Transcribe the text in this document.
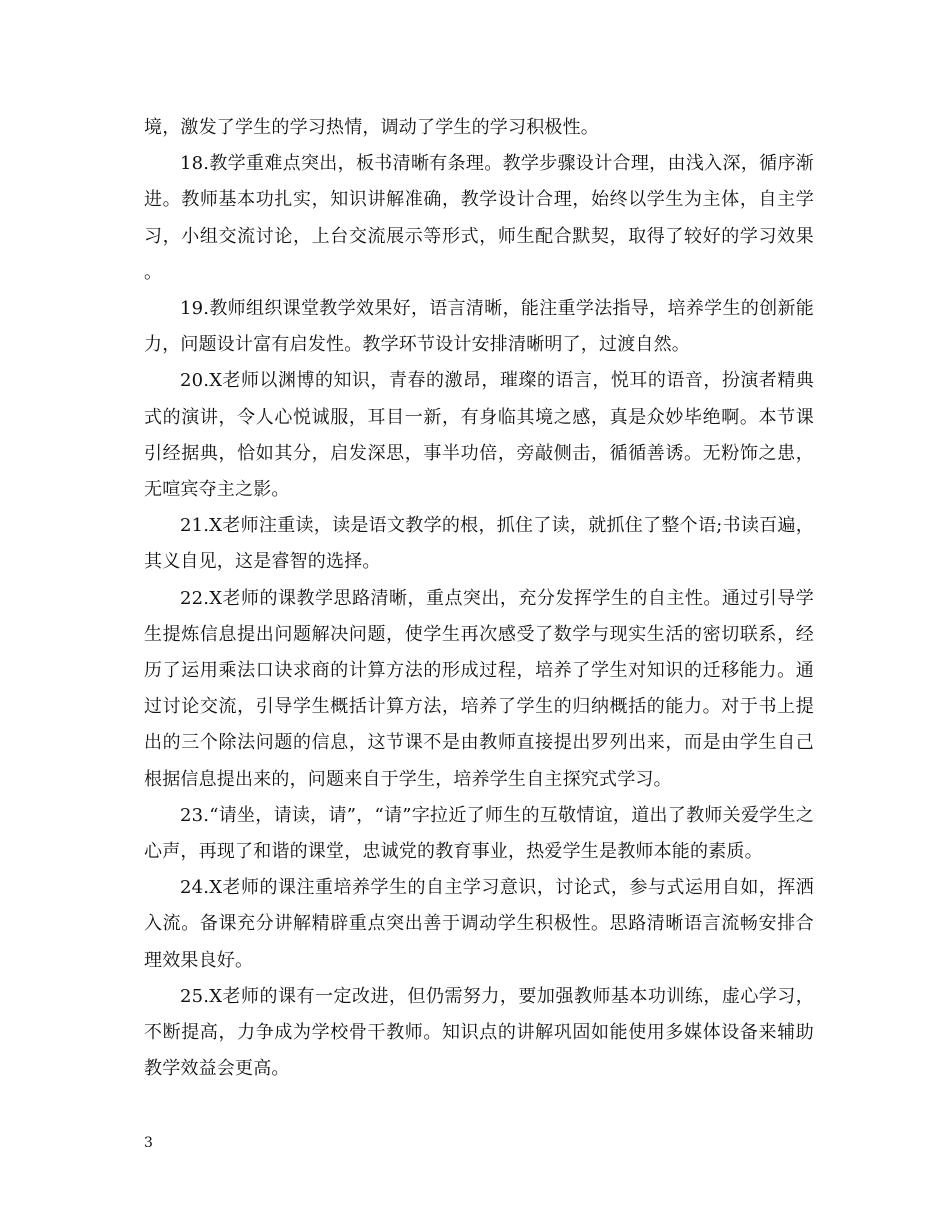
境，激发了学生的学习热情，调动了学生的学习积极性。

18.教学重难点突出，板书清晰有条理。教学步骤设计合理，由浅入深，循序渐进。教师基本功扎实，知识讲解准确，教学设计合理，始终以学生为主体，自主学习，小组交流讨论，上台交流展示等形式，师生配合默契，取得了较好的学习效果。

19.教师组织课堂教学效果好，语言清晰，能注重学法指导，培养学生的创新能力，问题设计富有启发性。教学环节设计安排清晰明了，过渡自然。

20.X老师以渊博的知识，青春的激昂，璀璨的语言，悦耳的语音，扮演者精典式的演讲，令人心悦诚服，耳目一新，有身临其境之感，真是众妙毕绝啊。本节课引经据典，恰如其分，启发深思，事半功倍，旁敲侧击，循循善诱。无粉饰之患，无喧宾夺主之影。

21.X老师注重读，读是语文教学的根，抓住了读，就抓住了整个语;书读百遍，其义自见，这是睿智的选择。

22.X老师的课教学思路清晰，重点突出，充分发挥学生的自主性。通过引导学生提炼信息提出问题解决问题，使学生再次感受了数学与现实生活的密切联系，经历了运用乘法口诀求商的计算方法的形成过程，培养了学生对知识的迁移能力。通过讨论交流，引导学生概括计算方法，培养了学生的归纳概括的能力。对于书上提出的三个除法问题的信息，这节课不是由教师直接提出罗列出来，而是由学生自己根据信息提出来的，问题来自于学生，培养学生自主探究式学习。

23.“请坐，请读，请”，“请”字拉近了师生的互敬情谊，道出了教师关爱学生之心声，再现了和谐的课堂，忠诚党的教育事业，热爱学生是教师本能的素质。

24.X老师的课注重培养学生的自主学习意识，讨论式，参与式运用自如，挥洒入流。备课充分讲解精辟重点突出善于调动学生积极性。思路清晰语言流畅安排合理效果良好。

25.X老师的课有一定改进，但仍需努力，要加强教师基本功训练，虚心学习，不断提高，力争成为学校骨干教师。知识点的讲解巩固如能使用多媒体设备来辅助教学效益会更高。

3
